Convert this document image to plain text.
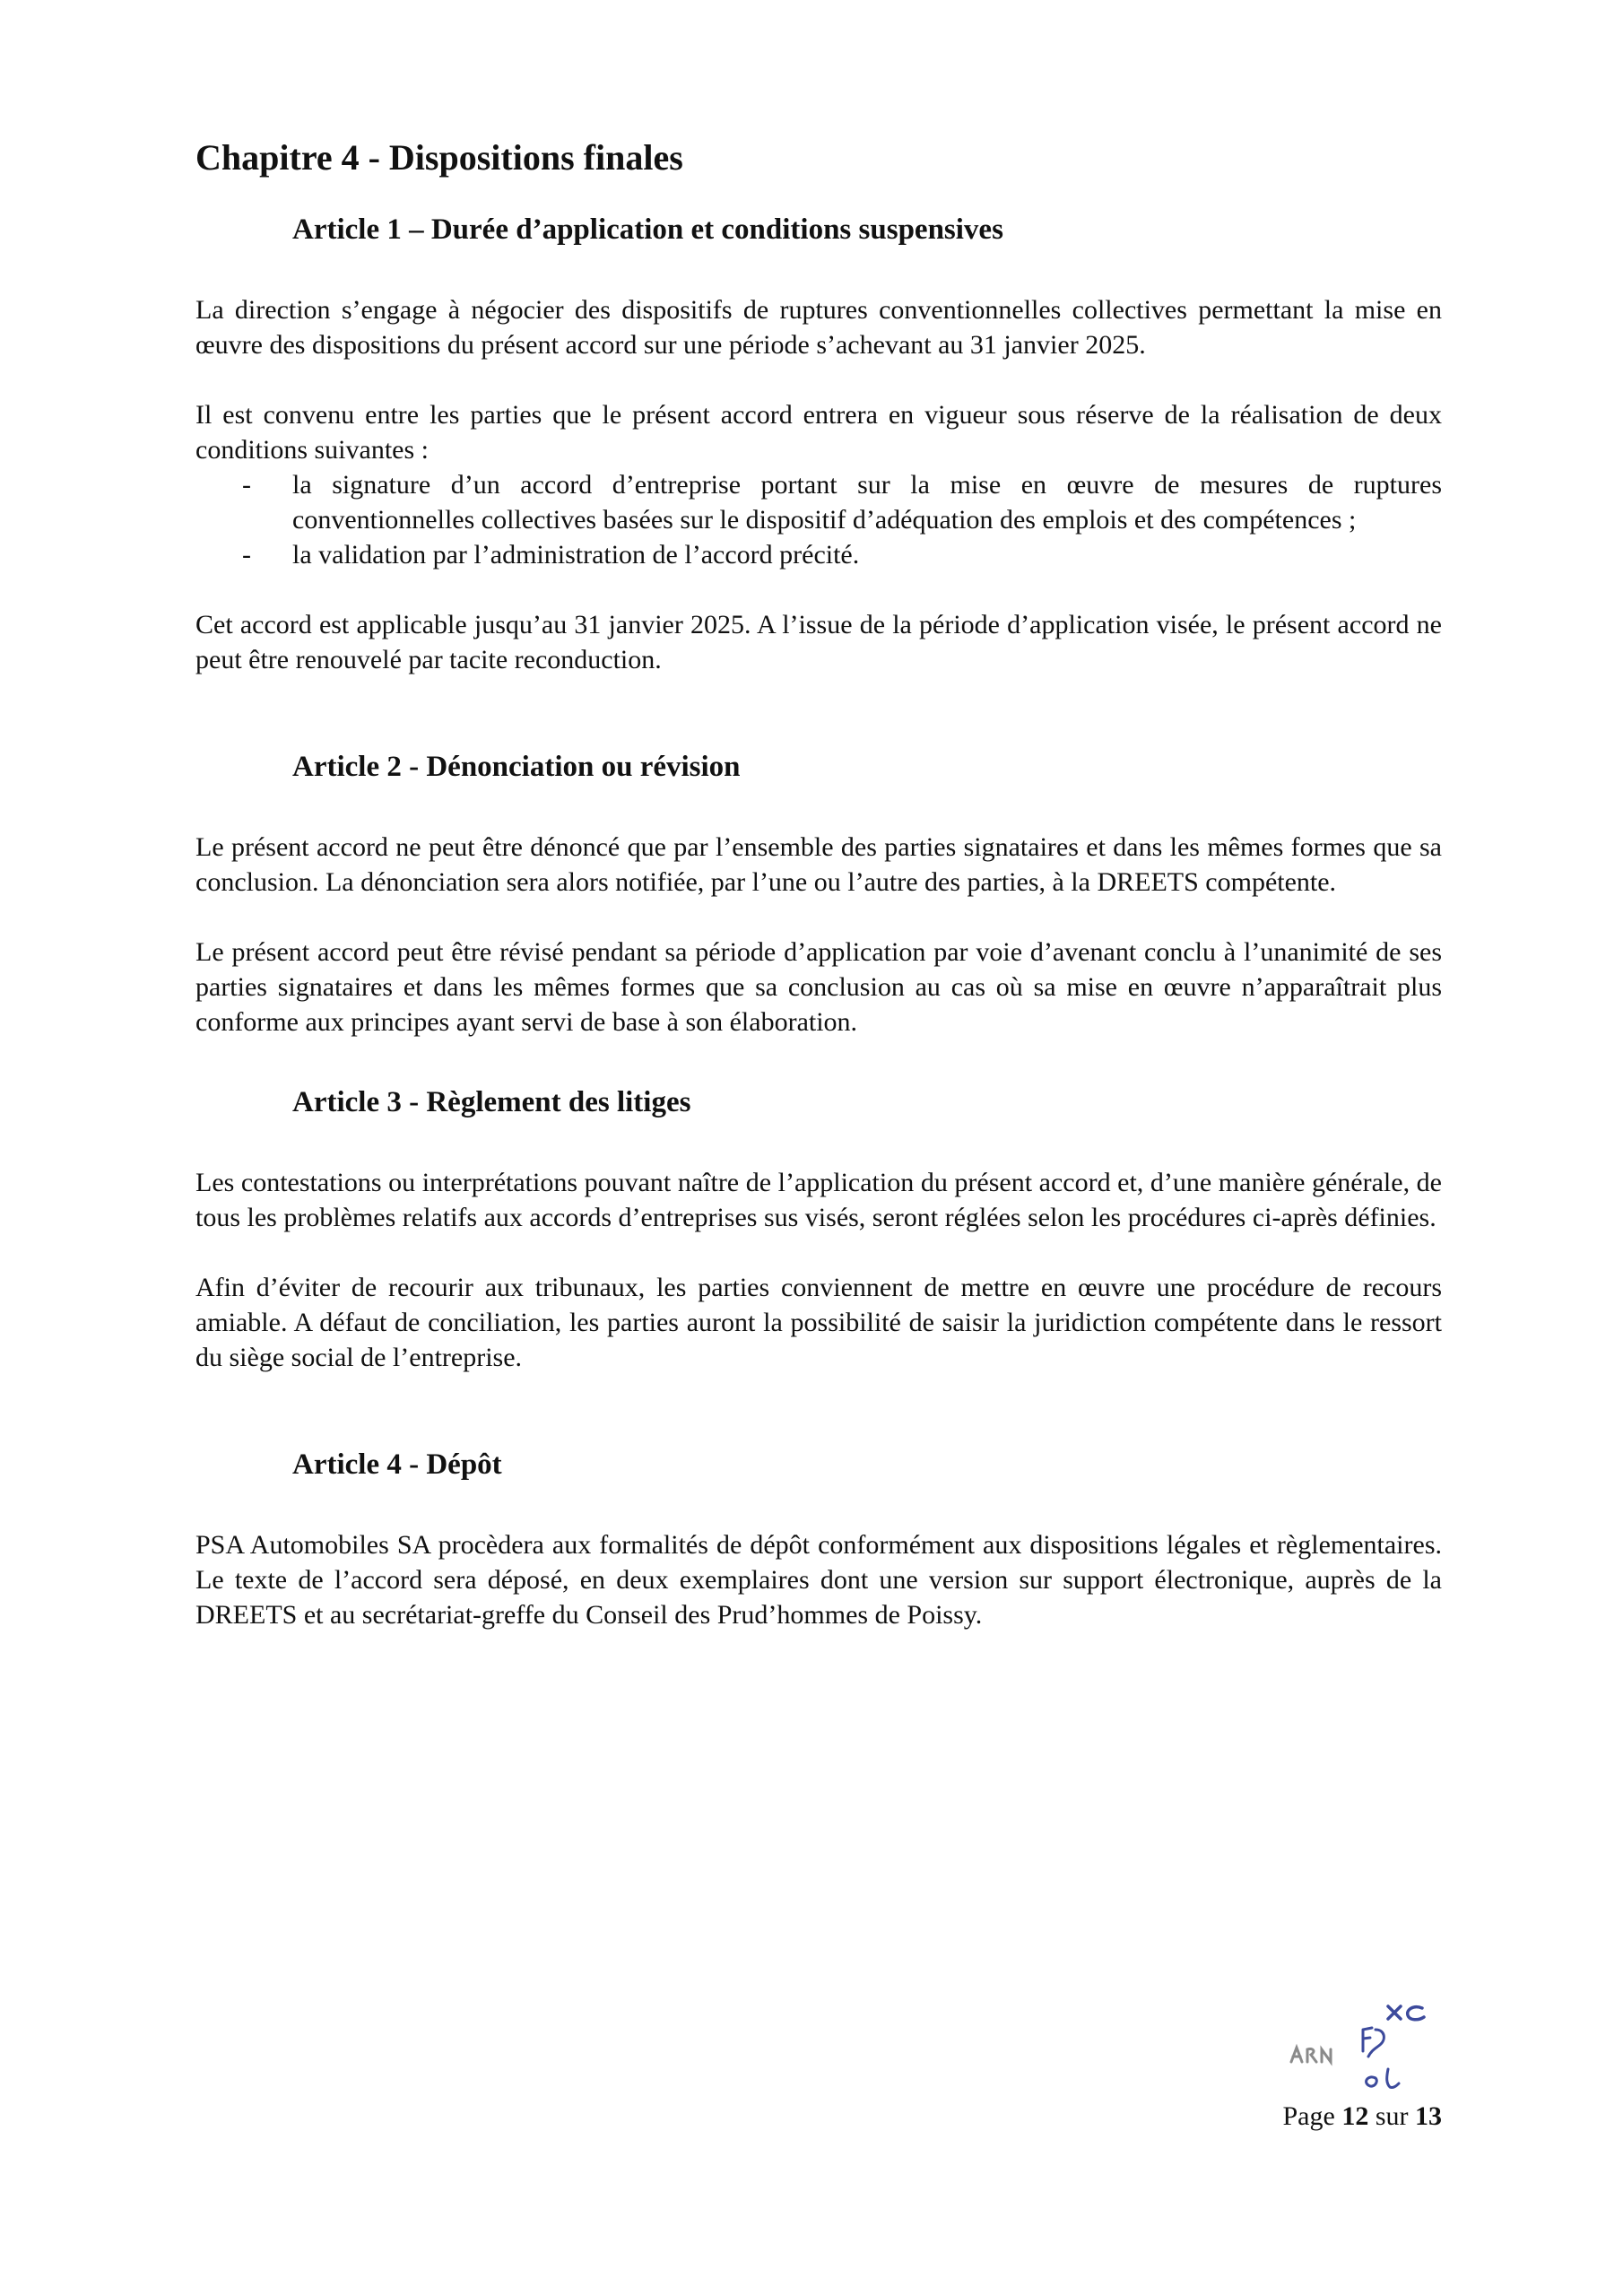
Chapitre 4 - Dispositions finales
Article 1 – Durée d’application et conditions suspensives

La direction s’engage à négocier des dispositifs de ruptures conventionnelles collectives permettant la mise en œuvre des dispositions du présent accord sur une période s’achevant au 31 janvier 2025.

Il est convenu entre les parties que le présent accord entrera en vigueur sous réserve de la réalisation de deux conditions suivantes :

- la signature d’un accord d’entreprise portant sur la mise en œuvre de mesures de ruptures conventionnelles collectives basées sur le dispositif d’adéquation des emplois et des compétences ;
- la validation par l’administration de l’accord précité.

Cet accord est applicable jusqu’au 31 janvier 2025. A l’issue de la période d’application visée, le présent accord ne peut être renouvelé par tacite reconduction.

Article 2 - Dénonciation ou révision

Le présent accord ne peut être dénoncé que par l’ensemble des parties signataires et dans les mêmes formes que sa conclusion. La dénonciation sera alors notifiée, par l’une ou l’autre des parties, à la DREETS compétente.

Le présent accord peut être révisé pendant sa période d’application par voie d’avenant conclu à l’unanimité de ses parties signataires et dans les mêmes formes que sa conclusion au cas où sa mise en œuvre n’apparaîtrait plus conforme aux principes ayant servi de base à son élaboration.

Article 3 - Règlement des litiges

Les contestations ou interprétations pouvant naître de l’application du présent accord et, d’une manière générale, de tous les problèmes relatifs aux accords d’entreprises sus visés, seront réglées selon les procédures ci-après définies.

Afin d’éviter de recourir aux tribunaux, les parties conviennent de mettre en œuvre une procédure de recours amiable. A défaut de conciliation, les parties auront la possibilité de saisir la juridiction compétente dans le ressort du siège social de l’entreprise.

Article 4 - Dépôt

PSA Automobiles SA procèdera aux formalités de dépôt conformément aux dispositions légales et règlementaires. Le texte de l’accord sera déposé, en deux exemplaires dont une version sur support électronique, auprès de la DREETS et au secrétariat-greffe du Conseil des Prud’hommes de Poissy.

Page 12 sur 13
